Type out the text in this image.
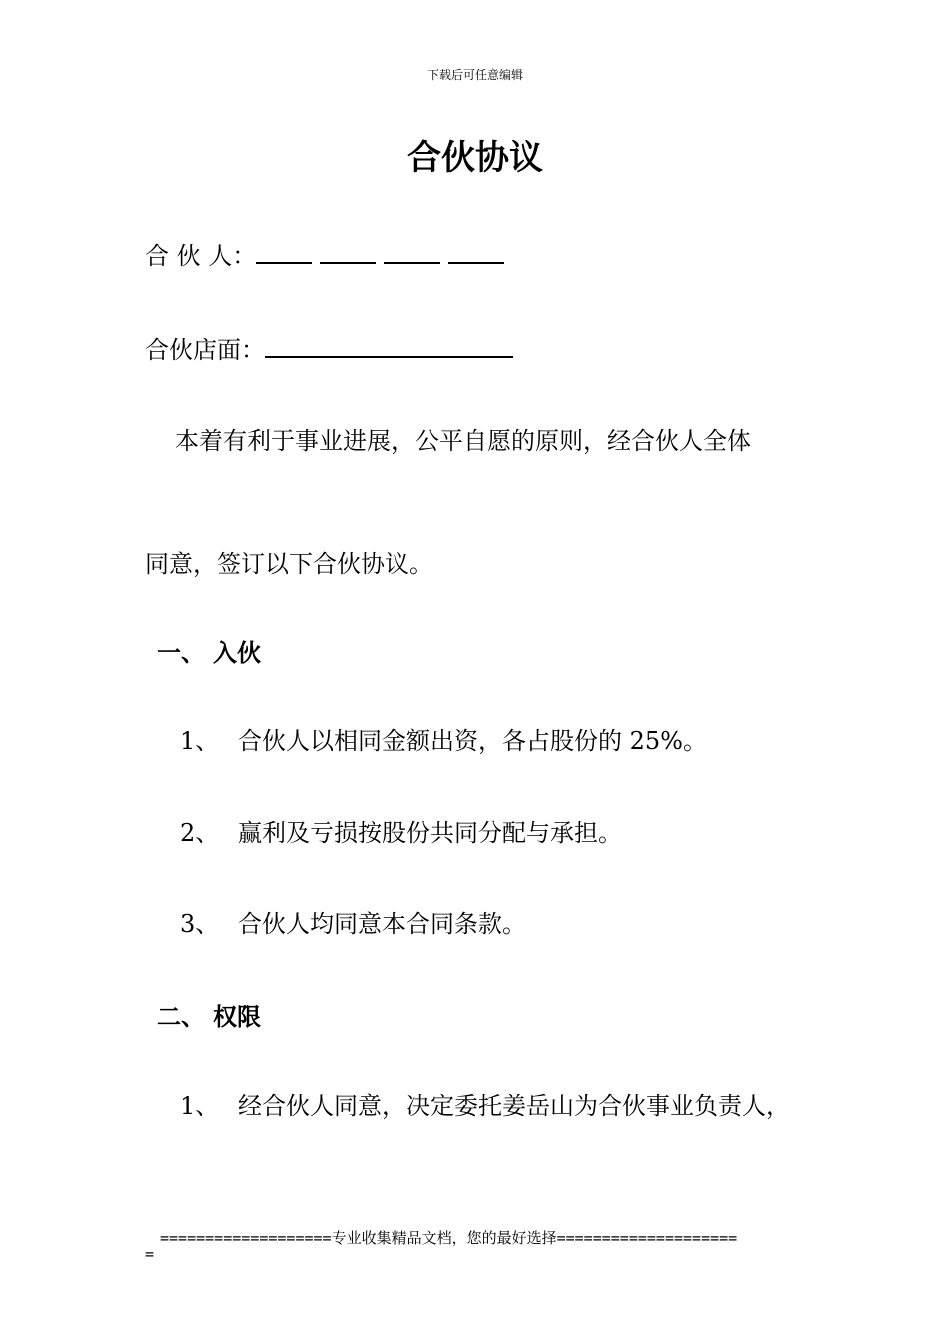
下载后可任意编辑
合伙协议
合 伙 人：
合伙店面：
本着有利于事业进展，公平自愿的原则，经合伙人全体
同意，签订以下合伙协议。
一、 入伙
1、 合伙人以相同金额出资，各占股份的 25%。
2、 赢利及亏损按股份共同分配与承担。
3、 合伙人均同意本合同条款。
二、 权限
1、 经合伙人同意，决定委托姜岳山为合伙事业负责人，
===================专业收集精品文档，您的最好选择====================
=
